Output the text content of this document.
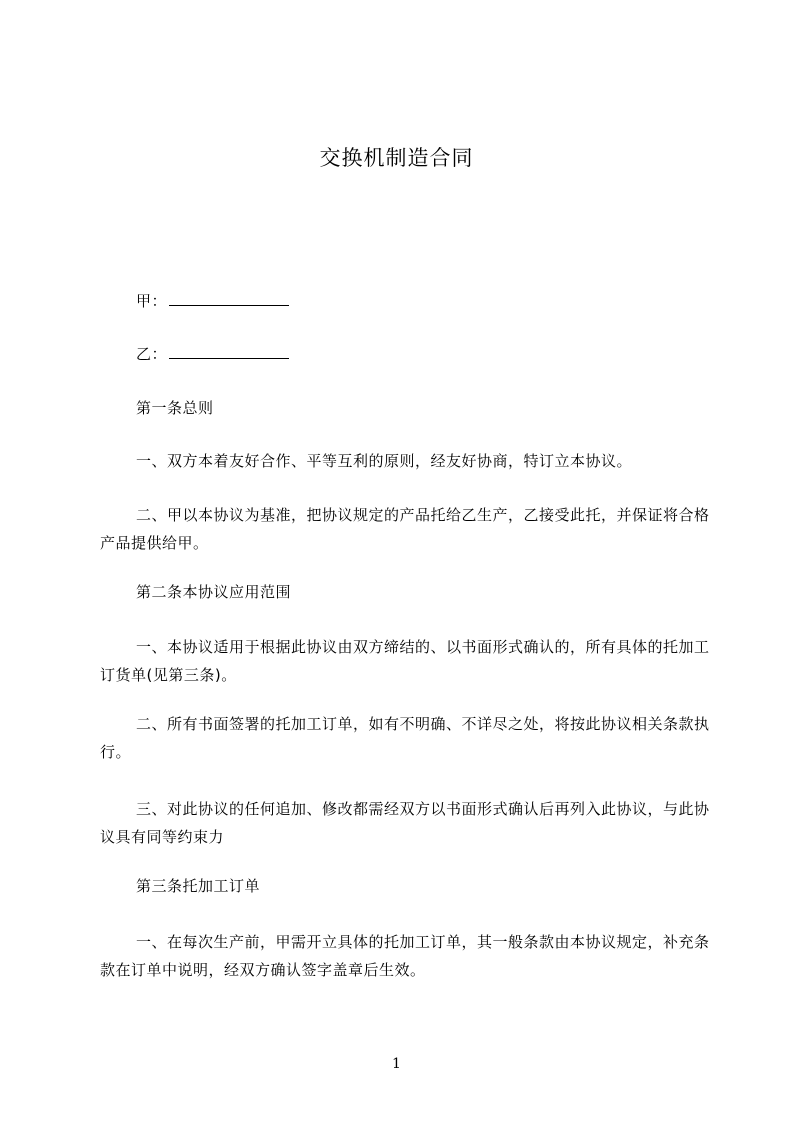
交换机制造合同

甲：

乙：

第一条总则

一、双方本着友好合作、平等互利的原则，经友好协商，特订立本协议。

二、甲以本协议为基准，把协议规定的产品托给乙生产，乙接受此托，并保证将合格产品提供给甲。

第二条本协议应用范围

一、本协议适用于根据此协议由双方缔结的、以书面形式确认的，所有具体的托加工订货单(见第三条)。

二、所有书面签署的托加工订单，如有不明确、不详尽之处，将按此协议相关条款执行。

三、对此协议的任何追加、修改都需经双方以书面形式确认后再列入此协议，与此协议具有同等约束力

第三条托加工订单

一、在每次生产前，甲需开立具体的托加工订单，其一般条款由本协议规定，补充条款在订单中说明，经双方确认签字盖章后生效。

1
